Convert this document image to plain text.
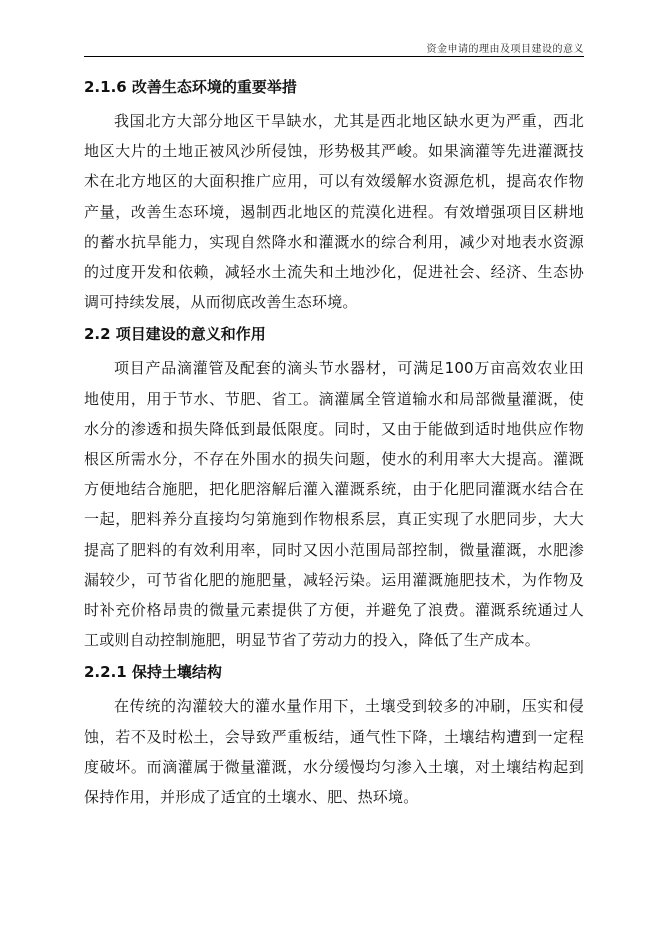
资金申请的理由及项目建设的意义
2.1.6 改善生态环境的重要举措

我国北方大部分地区干旱缺水，尤其是西北地区缺水更为严重，西北地区大片的土地正被风沙所侵蚀，形势极其严峻。如果滴灌等先进灌溉技术在北方地区的大面积推广应用，可以有效缓解水资源危机，提高农作物产量，改善生态环境，遏制西北地区的荒漠化进程。有效增强项目区耕地的蓄水抗旱能力，实现自然降水和灌溉水的综合利用，减少对地表水资源的过度开发和依赖，减轻水土流失和土地沙化，促进社会、经济、生态协调可持续发展，从而彻底改善生态环境。

2.2 项目建设的意义和作用

项目产品滴灌管及配套的滴头节水器材，可满足100万亩高效农业田地使用，用于节水、节肥、省工。滴灌属全管道输水和局部微量灌溉，使水分的渗透和损失降低到最低限度。同时，又由于能做到适时地供应作物根区所需水分，不存在外围水的损失问题，使水的利用率大大提高。灌溉方便地结合施肥，把化肥溶解后灌入灌溉系统，由于化肥同灌溉水结合在一起，肥料养分直接均匀第施到作物根系层，真正实现了水肥同步，大大提高了肥料的有效利用率，同时又因小范围局部控制，微量灌溉，水肥渗漏较少，可节省化肥的施肥量，减轻污染。运用灌溉施肥技术，为作物及时补充价格昂贵的微量元素提供了方便，并避免了浪费。灌溉系统通过人工或则自动控制施肥，明显节省了劳动力的投入，降低了生产成本。

2.2.1 保持土壤结构

在传统的沟灌较大的灌水量作用下，土壤受到较多的冲刷，压实和侵蚀，若不及时松土，会导致严重板结，通气性下降，土壤结构遭到一定程度破坏。而滴灌属于微量灌溉，水分缓慢均匀渗入土壤，对土壤结构起到保持作用，并形成了适宜的土壤水、肥、热环境。
